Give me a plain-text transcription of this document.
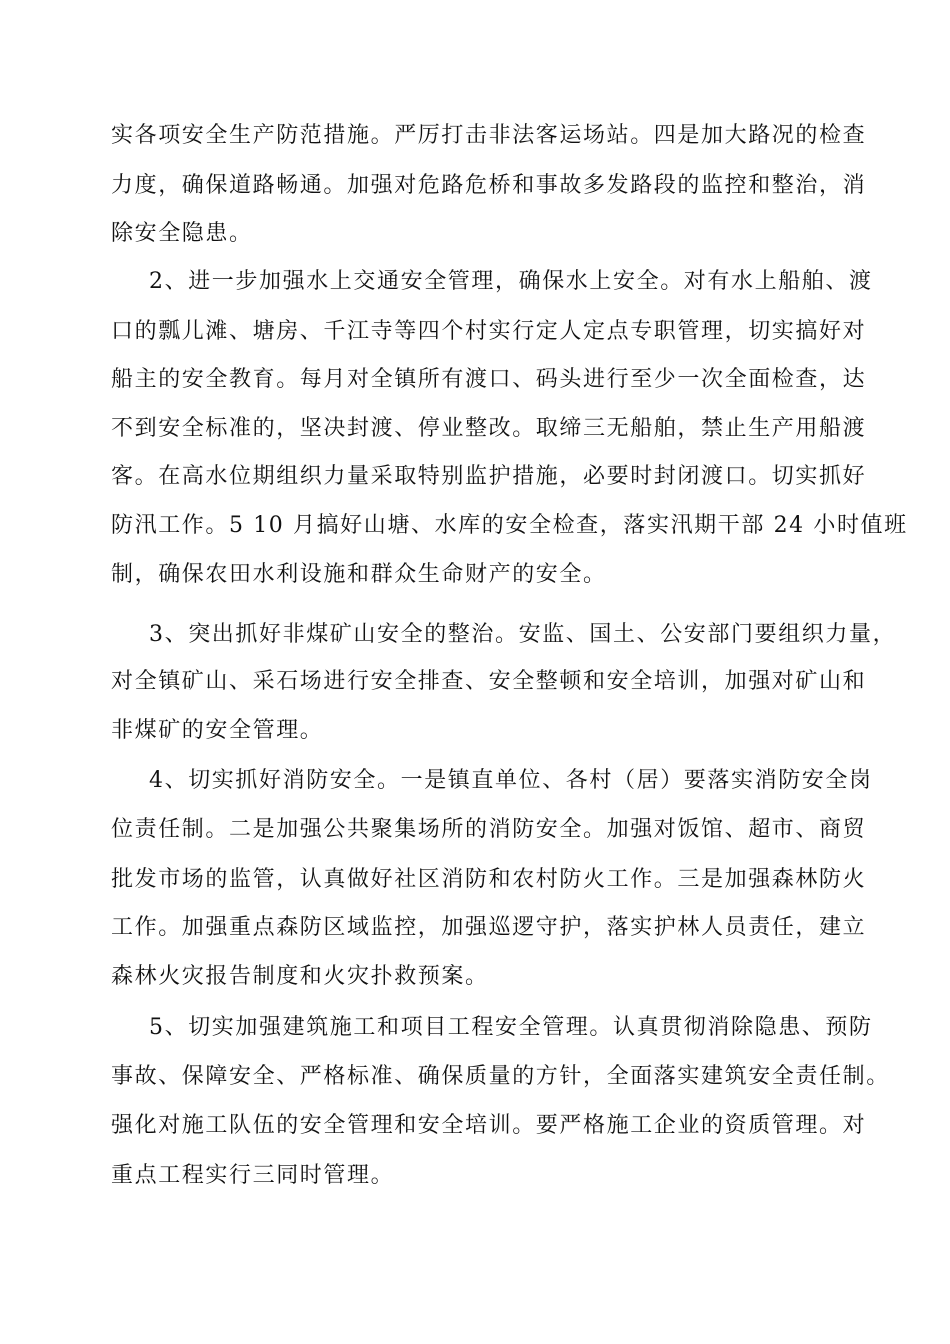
实各项安全生产防范措施。严厉打击非法客运场站。四是加大路况的检查
力度，确保道路畅通。加强对危路危桥和事故多发路段的监控和整治，消
除安全隐患。
2、进一步加强水上交通安全管理，确保水上安全。对有水上船舶、渡
口的瓢儿滩、塘房、千江寺等四个村实行定人定点专职管理，切实搞好对
船主的安全教育。每月对全镇所有渡口、码头进行至少一次全面检查，达
不到安全标准的，坚决封渡、停业整改。取缔三无船舶，禁止生产用船渡
客。在高水位期组织力量采取特别监护措施，必要时封闭渡口。切实抓好
防汛工作。5 10 月搞好山塘、水库的安全检查，落实汛期干部 24 小时值班
制，确保农田水利设施和群众生命财产的安全。
3、突出抓好非煤矿山安全的整治。安监、国土、公安部门要组织力量，
对全镇矿山、采石场进行安全排查、安全整顿和安全培训，加强对矿山和
非煤矿的安全管理。
4、切实抓好消防安全。一是镇直单位、各村（居）要落实消防安全岗
位责任制。二是加强公共聚集场所的消防安全。加强对饭馆、超市、商贸
批发市场的监管，认真做好社区消防和农村防火工作。三是加强森林防火
工作。加强重点森防区域监控，加强巡逻守护，落实护林人员责任，建立
森林火灾报告制度和火灾扑救预案。
5、切实加强建筑施工和项目工程安全管理。认真贯彻消除隐患、预防
事故、保障安全、严格标准、确保质量的方针，全面落实建筑安全责任制。
强化对施工队伍的安全管理和安全培训。要严格施工企业的资质管理。对
重点工程实行三同时管理。
